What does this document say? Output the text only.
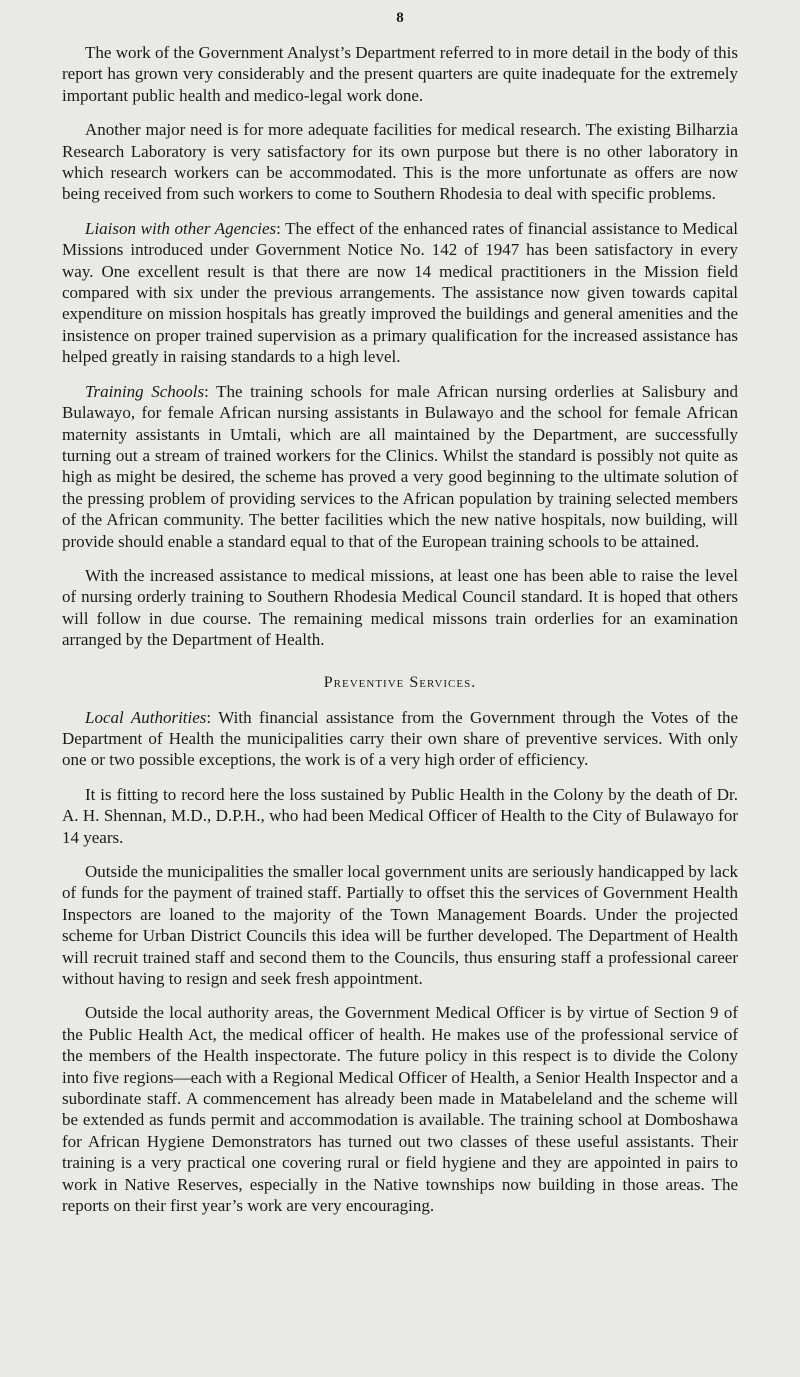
8

The work of the Government Analyst’s Department referred to in more detail in the body of this report has grown very considerably and the present quarters are quite inadequate for the extremely important public health and medico-legal work done.

Another major need is for more adequate facilities for medical research. The existing Bilharzia Research Laboratory is very satisfactory for its own purpose but there is no other laboratory in which research workers can be accommodated. This is the more unfortunate as offers are now being received from such workers to come to Southern Rhodesia to deal with specific problems.

Liaison with other Agencies: The effect of the enhanced rates of financial assistance to Medical Missions introduced under Government Notice No. 142 of 1947 has been satisfactory in every way. One excellent result is that there are now 14 medical practitioners in the Mission field compared with six under the previous arrangements. The assistance now given towards capital expenditure on mission hospitals has greatly improved the buildings and general amenities and the insistence on proper trained supervision as a primary qualification for the increased assistance has helped greatly in raising standards to a high level.

Training Schools: The training schools for male African nursing orderlies at Salisbury and Bulawayo, for female African nursing assistants in Bulawayo and the school for female African maternity assistants in Umtali, which are all maintained by the Department, are successfully turning out a stream of trained workers for the Clinics. Whilst the standard is possibly not quite as high as might be desired, the scheme has proved a very good beginning to the ultimate solution of the pressing problem of providing services to the African population by training selected members of the African community. The better facilities which the new native hospitals, now building, will provide should enable a standard equal to that of the European training schools to be attained.

With the increased assistance to medical missions, at least one has been able to raise the level of nursing orderly training to Southern Rhodesia Medical Council standard. It is hoped that others will follow in due course. The remaining medical missons train orderlies for an examination arranged by the Department of Health.

Preventive Services.

Local Authorities: With financial assistance from the Government through the Votes of the Department of Health the municipalities carry their own share of preventive services. With only one or two possible exceptions, the work is of a very high order of efficiency.

It is fitting to record here the loss sustained by Public Health in the Colony by the death of Dr. A. H. Shennan, M.D., D.P.H., who had been Medical Officer of Health to the City of Bulawayo for 14 years.

Outside the municipalities the smaller local government units are seriously handicapped by lack of funds for the payment of trained staff. Partially to offset this the services of Government Health Inspectors are loaned to the majority of the Town Management Boards. Under the projected scheme for Urban District Councils this idea will be further developed. The Department of Health will recruit trained staff and second them to the Councils, thus ensuring staff a professional career without having to resign and seek fresh appointment.

Outside the local authority areas, the Government Medical Officer is by virtue of Section 9 of the Public Health Act, the medical officer of health. He makes use of the professional service of the members of the Health inspectorate. The future policy in this respect is to divide the Colony into five regions—each with a Regional Medical Officer of Health, a Senior Health Inspector and a subordinate staff. A commencement has already been made in Matabeleland and the scheme will be extended as funds permit and accommodation is available. The training school at Domboshawa for African Hygiene Demonstrators has turned out two classes of these useful assistants. Their training is a very practical one covering rural or field hygiene and they are appointed in pairs to work in Native Reserves, especially in the Native townships now building in those areas. The reports on their first year’s work are very encouraging.
